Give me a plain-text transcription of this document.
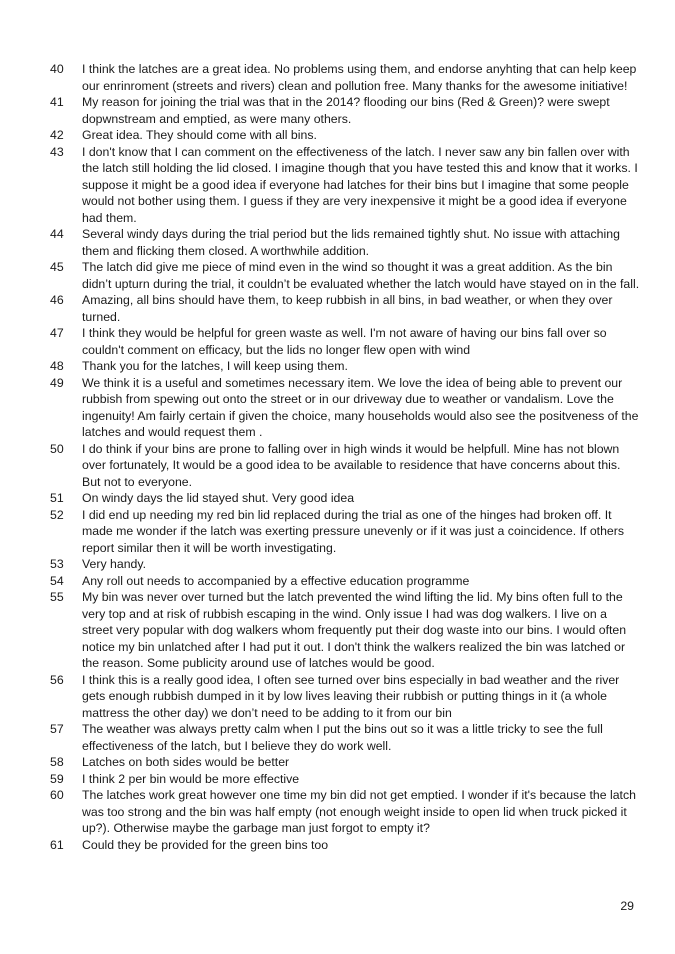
40	I think the latches are a great idea. No problems using them, and endorse anyhting that can help keep our enrinroment (streets and rivers) clean and pollution free. Many thanks for the awesome initiative!
41	My reason for joining the trial was that in the 2014? flooding our bins (Red & Green)? were swept dopwnstream and emptied, as were many others.
42	Great idea. They should come with all bins.
43	I don't know that I can comment on the effectiveness of the latch. I never saw any bin fallen over with the latch still holding the lid closed. I imagine though that you have tested this and know that it works. I suppose it might be a good idea if everyone had latches for their bins but I imagine that some people would not bother using them. I guess if they are very inexpensive it might be a good idea if everyone had them.
44	Several windy days during the trial period but the lids remained tightly shut. No issue with attaching them and flicking them closed. A worthwhile addition.
45	The latch did give me piece of mind even in the wind so thought it was a great addition. As the bin didn’t upturn during the trial, it couldn’t be evaluated whether the latch would have stayed on in the fall.
46	Amazing, all bins should have them, to keep rubbish in all bins, in bad weather, or when they over turned.
47	I think they would be helpful for green waste as well. I'm not aware of having our bins fall over so couldn't comment on efficacy, but the lids no longer flew open with wind
48	Thank you for the latches, I will keep using them.
49	We think it is a useful and sometimes necessary item. We love the idea of being able to prevent our rubbish from spewing out onto the street or in our driveway due to weather or vandalism. Love the ingenuity! Am fairly certain if given the choice, many households would also see the positveness of the latches and would request them .
50	I do think if your bins are prone to falling over in high winds it would be helpfull. Mine has not blown over fortunately, It would be a good idea to be available to residence that have concerns about this. But not to everyone.
51	On windy days the lid stayed shut. Very good idea
52	I did end up needing my red bin lid replaced during the trial as one of the hinges had broken off. It made me wonder if the latch was exerting pressure unevenly or if it was just a coincidence. If others report similar then it will be worth investigating.
53	Very handy.
54	Any roll out needs to accompanied by a effective education programme
55	My bin was never over turned but the latch prevented the wind lifting the lid. My bins often full to the very top and at risk of rubbish escaping in the wind. Only issue I had was dog walkers. I live on a street very popular with dog walkers whom frequently put their dog waste into our bins. I would often notice my bin unlatched after I had put it out. I don't think the walkers realized the bin was latched or the reason. Some publicity around use of latches would be good.
56	I think this is a really good idea, I often see turned over bins especially in bad weather and the river gets enough rubbish dumped in it by low lives leaving their rubbish or putting things in it (a whole mattress the other day) we don’t need to be adding to it from our bin
57	The weather was always pretty calm when I put the bins out so it was a little tricky to see the full effectiveness of the latch, but I believe they do work well.
58	Latches on both sides would be better
59	I think 2 per bin would be more effective
60	The latches work great however one time my bin did not get emptied. I wonder if it's because the latch was too strong and the bin was half empty (not enough weight inside to open lid when truck picked it up?). Otherwise maybe the garbage man just forgot to empty it?
61	Could they be provided for the green bins too
29
